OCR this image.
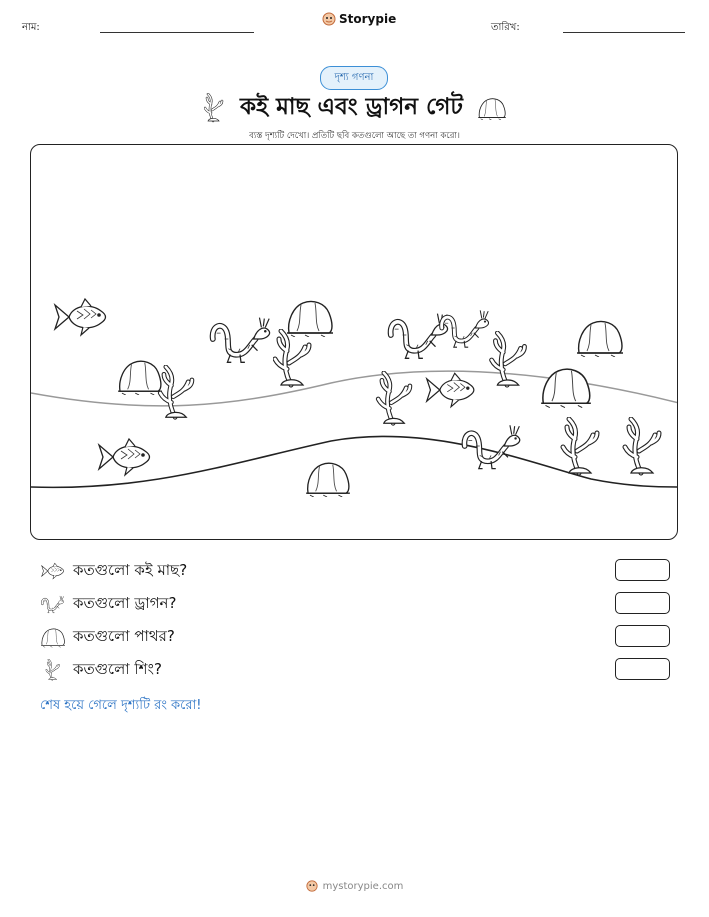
নাম:
Storypie
তারিখ:
দৃশ্য গণনা
কই মাছ এবং ড্রাগন গেট
ব্যস্ত দৃশ্যটি দেখো। প্রতিটি ছবি কতগুলো আছে তা গণনা করো।
কতগুলো কই মাছ?
কতগুলো ড্রাগন?
কতগুলো পাথর?
কতগুলো শিং?
শেষ হয়ে গেলে দৃশ্যটি রং করো!
mystorypie.com
